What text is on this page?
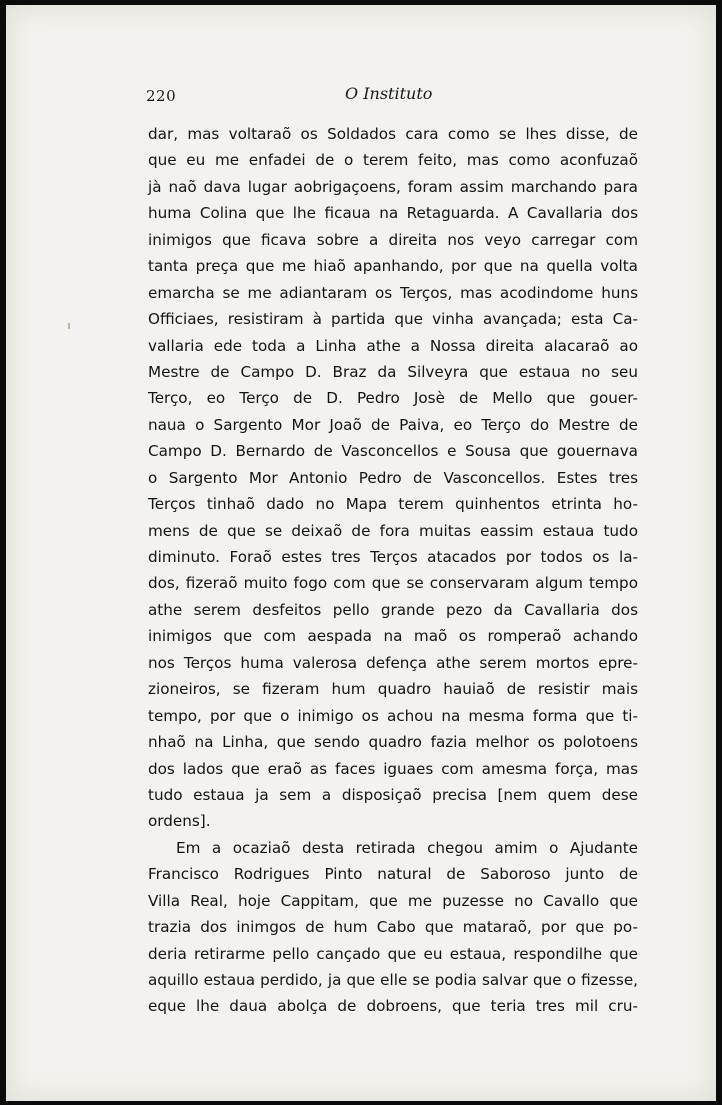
220	O Instituto
dar, mas voltaraõ os Soldados cara como se lhes disse, de
que eu me enfadei de o terem feito, mas como aconfuzaõ
jà naõ dava lugar aobrigaçoens, foram assim marchando para
huma Colina que lhe ficaua na Retaguarda. A Cavallaria dos
inimigos que ficava sobre a direita nos veyo carregar com
tanta preça que me hiaõ apanhando, por que na quella volta
emarcha se me adiantaram os Terços, mas acodindome huns
Officiaes, resistiram à partida que vinha avançada; esta Ca-
vallaria ede toda a Linha athe a Nossa direita alacaraõ ao
Mestre de Campo D. Braz da Silveyra que estaua no seu
Terço, eo Terço de D. Pedro Josè de Mello que gouer-
naua o Sargento Mor Joaõ de Paiva, eo Terço do Mestre de
Campo D. Bernardo de Vasconcellos e Sousa que gouernava
o Sargento Mor Antonio Pedro de Vasconcellos. Estes tres
Terços tinhaõ dado no Mapa terem quinhentos etrinta ho-
mens de que se deixaõ de fora muitas eassim estaua tudo
diminuto. Foraõ estes tres Terços atacados por todos os la-
dos, fizeraõ muito fogo com que se conservaram algum tempo
athe serem desfeitos pello grande pezo da Cavallaria dos
inimigos que com aespada na maõ os romperaõ achando
nos Terços huma valerosa defença athe serem mortos epre-
zioneiros, se fizeram hum quadro hauiaõ de resistir mais
tempo, por que o inimigo os achou na mesma forma que ti-
nhaõ na Linha, que sendo quadro fazia melhor os polotoens
dos lados que eraõ as faces iguaes com amesma força, mas
tudo estaua ja sem a disposiçaõ precisa [nem quem dese
ordens].
Em a ocaziaõ desta retirada chegou amim o Ajudante
Francisco Rodrigues Pinto natural de Saboroso junto de
Villa Real, hoje Cappitam, que me puzesse no Cavallo que
trazia dos inimgos de hum Cabo que mataraõ, por que po-
deria retirarme pello cançado que eu estaua, respondilhe que
aquillo estaua perdido, ja que elle se podia salvar que o fizesse,
eque lhe daua abolça de dobroens, que teria tres mil cru-
